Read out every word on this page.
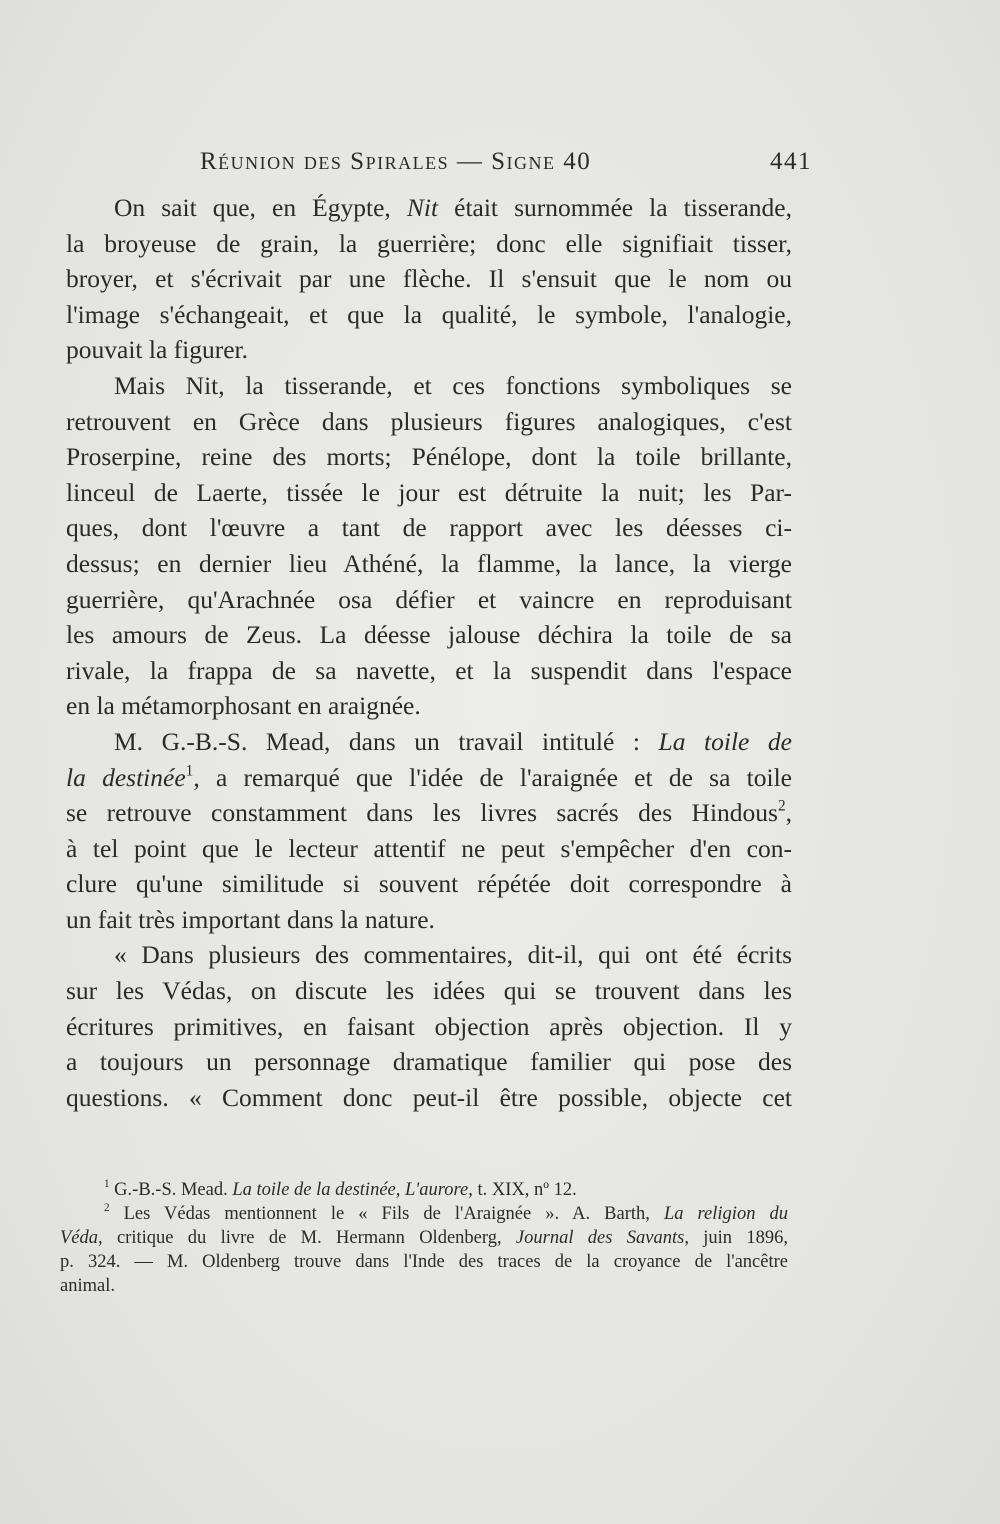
Réunion des Spirales — Signe 40	441
On sait que, en Égypte, Nit était surnommée la tisserande,
la broyeuse de grain, la guerrière; donc elle signifiait tisser,
broyer, et s'écrivait par une flèche. Il s'ensuit que le nom ou
l'image s'échangeait, et que la qualité, le symbole, l'analogie,
pouvait la figurer.
Mais Nit, la tisserande, et ces fonctions symboliques se
retrouvent en Grèce dans plusieurs figures analogiques, c'est
Proserpine, reine des morts; Pénélope, dont la toile brillante,
linceul de Laerte, tissée le jour est détruite la nuit; les Par-
ques, dont l'œuvre a tant de rapport avec les déesses ci-
dessus; en dernier lieu Athéné, la flamme, la lance, la vierge
guerrière, qu'Arachnée osa défier et vaincre en reproduisant
les amours de Zeus. La déesse jalouse déchira la toile de sa
rivale, la frappa de sa navette, et la suspendit dans l'espace
en la métamorphosant en araignée.
M. G.-B.-S. Mead, dans un travail intitulé : La toile de
la destinée$^1$, a remarqué que l'idée de l'araignée et de sa toile
se retrouve constamment dans les livres sacrés des Hindous$^2$,
à tel point que le lecteur attentif ne peut s'empêcher d'en con-
clure qu'une similitude si souvent répétée doit correspondre à
un fait très important dans la nature.
« Dans plusieurs des commentaires, dit-il, qui ont été écrits
sur les Védas, on discute les idées qui se trouvent dans les
écritures primitives, en faisant objection après objection. Il y
a toujours un personnage dramatique familier qui pose des
questions. « Comment donc peut-il être possible, objecte cet
$^1$ G.-B.-S. Mead. La toile de la destinée, L'aurore, t. XIX, nº 12.
$^2$ Les Védas mentionnent le « Fils de l'Araignée ». A. Barth, La religion du
Véda, critique du livre de M. Hermann Oldenberg, Journal des Savants, juin 1896,
p. 324. — M. Oldenberg trouve dans l'Inde des traces de la croyance de l'ancêtre
animal.
